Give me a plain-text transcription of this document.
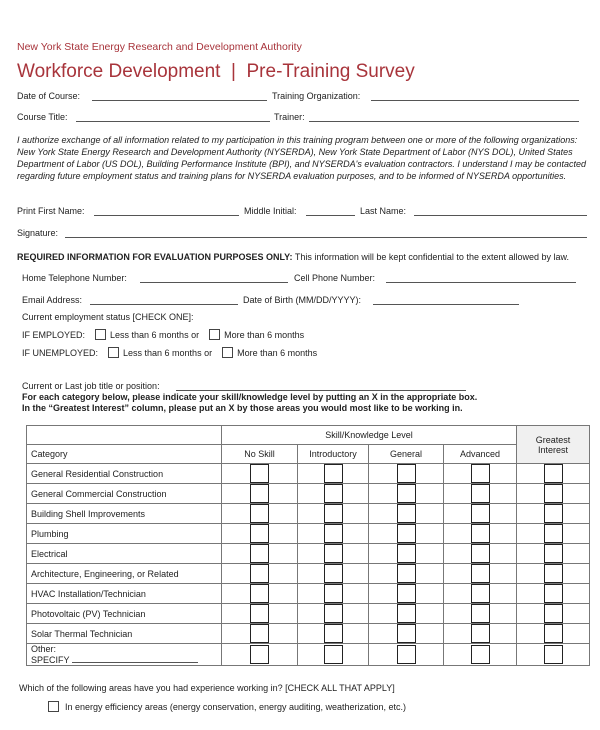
New York State Energy Research and Development Authority
Workforce Development  |  Pre-Training Survey
Date of Course:	Training Organization:
Course Title:	Trainer:
I authorize exchange of all information related to my participation in this training program between one or more of the following organizations: New York State Energy Research and Development Authority (NYSERDA), New York State Department of Labor (NYS DOL), United States Department of Labor (US DOL), Building Performance Institute (BPI), and NYSERDA's evaluation contractors. I understand I may be contacted regarding future employment status and training plans for NYSERDA evaluation purposes, and to be informed of NYSERDA opportunities.
Print First Name:	Middle Initial:	Last Name:
Signature:
REQUIRED INFORMATION FOR EVALUATION PURPOSES ONLY: This information will be kept confidential to the extent allowed by law.
Home Telephone Number:	Cell Phone Number:
Email Address:	Date of Birth (MM/DD/YYYY):
Current employment status [CHECK ONE]:
IF EMPLOYED:	Less than 6 months or	More than 6 months
IF UNEMPLOYED:	Less than 6 months or	More than 6 months
Current or Last job title or position:
For each category below, please indicate your skill/knowledge level by putting an X in the appropriate box.
In the “Greatest Interest” column, please put an X by those areas you would most like to be working in.
	Skill/Knowledge Level				Greatest Interest
Category	No Skill	Introductory	General	Advanced	
General Residential Construction	

General Commercial Construction	

Building Shell Improvements	

Plumbing	

Electrical	

Architecture, Engineering, or Related	

HVAC Installation/Technician	

Photovoltaic (PV) Technician	

Solar Thermal Technician	

Other:
SPECIFY					

Which of the following areas have you had experience working in? [CHECK ALL THAT APPLY]
In energy efficiency areas (energy conservation, energy auditing, weatherization, etc.)
